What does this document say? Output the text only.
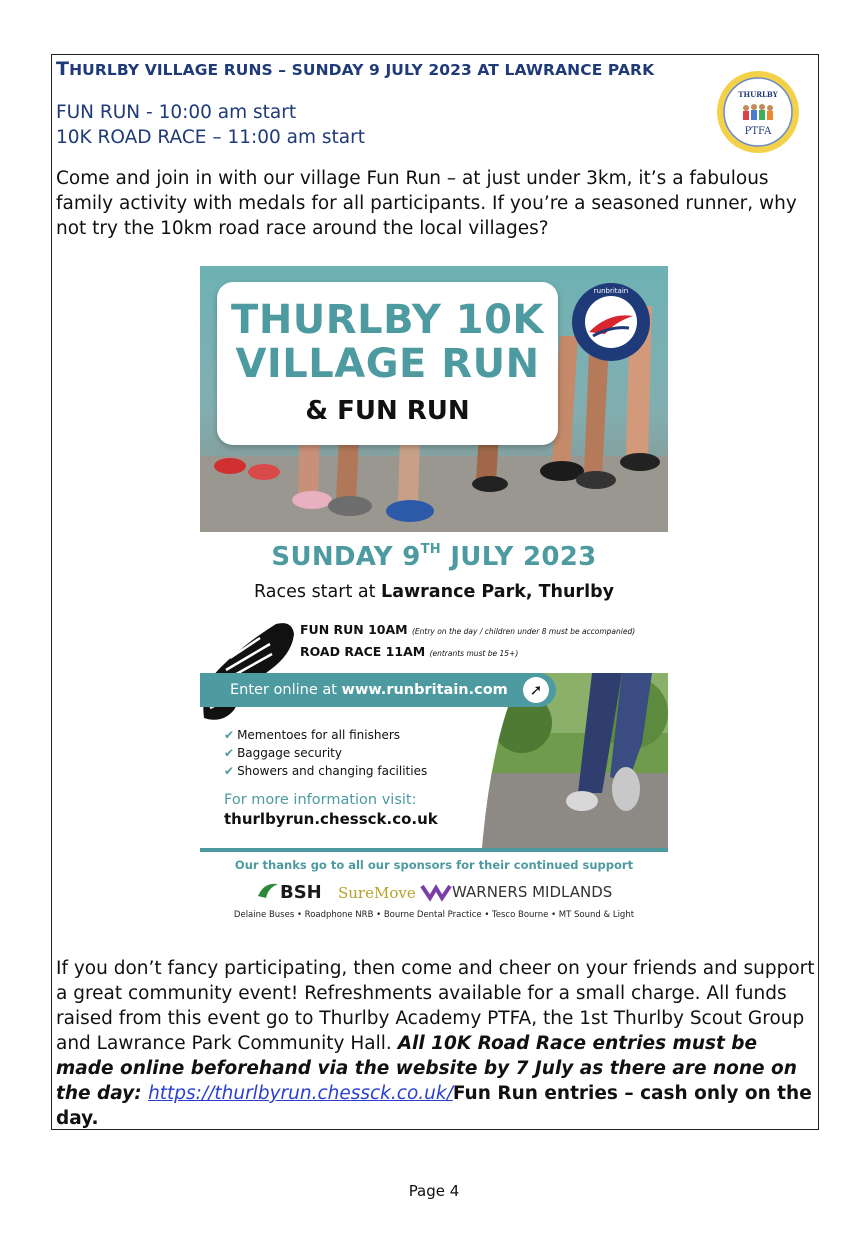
THURLBY VILLAGE RUNS – SUNDAY 9 JULY 2023 AT LAWRANCE PARK
FUN RUN - 10:00 am start
10K ROAD RACE – 11:00 am start
THURLBY
PTFA

Come and join in with our village Fun Run – at just under 3km, it’s a fabulous family activity with medals for all participants. If you’re a seasoned runner, why not try the 10km road race around the local villages?

THURLBY 10K
VILLAGE RUN
& FUN RUN
runbritain
SUNDAY 9TH JULY 2023
Races start at Lawrance Park, Thurlby
FUN RUN 10AM (Entry on the day / children under 8 must be accompanied)
ROAD RACE 11AM (entrants must be 15+)
Enter online at www.runbritain.com	➚
✔ Mementoes for all finishers
✔ Baggage security
✔ Showers and changing facilities
For more information visit:
thurlbyrun.chessck.co.uk
Our thanks go to all our sponsors for their continued support
BSH SureMove WARNERS MIDLANDS
Delaine Buses • Roadphone NRB • Bourne Dental Practice • Tesco Bourne • MT Sound & Light
If you don’t fancy participating, then come and cheer on your friends and support a great community event! Refreshments available for a small charge. All funds raised from this event go to Thurlby Academy PTFA, the 1st Thurlby Scout Group and Lawrance Park Community Hall. All 10K Road Race entries must be made online beforehand via the website by 7 July as there are none on the day: https://thurlbyrun.chessck.co.uk/Fun Run entries – cash only on the day.
Page 4
